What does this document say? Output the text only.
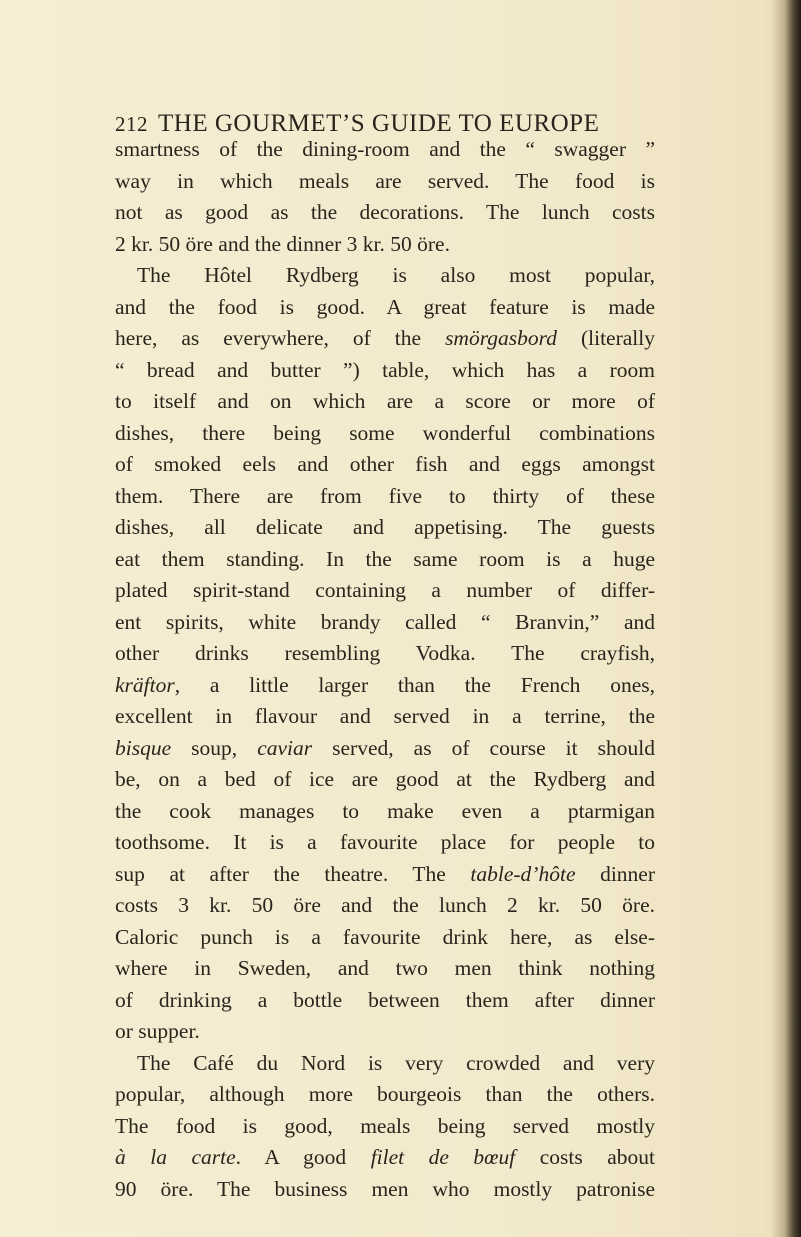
212 THE GOURMET’S GUIDE TO EUROPE
smartness of the dining-room and the “ swagger ”
way in which meals are served. The food is
not as good as the decorations. The lunch costs
2 kr. 50 öre and the dinner 3 kr. 50 öre.
The Hôtel Rydberg is also most popular,
and the food is good. A great feature is made
here, as everywhere, of the smörgasbord (literally
“ bread and butter ”) table, which has a room
to itself and on which are a score or more of
dishes, there being some wonderful combinations
of smoked eels and other fish and eggs amongst
them. There are from five to thirty of these
dishes, all delicate and appetising. The guests
eat them standing. In the same room is a huge
plated spirit-stand containing a number of differ-
ent spirits, white brandy called “ Branvin,” and
other drinks resembling Vodka. The crayfish,
kräftor, a little larger than the French ones,
excellent in flavour and served in a terrine, the
bisque soup, caviar served, as of course it should
be, on a bed of ice are good at the Rydberg and
the cook manages to make even a ptarmigan
toothsome. It is a favourite place for people to
sup at after the theatre. The table-d’hôte dinner
costs 3 kr. 50 öre and the lunch 2 kr. 50 öre.
Caloric punch is a favourite drink here, as else-
where in Sweden, and two men think nothing
of drinking a bottle between them after dinner
or supper.
The Café du Nord is very crowded and very
popular, although more bourgeois than the others.
The food is good, meals being served mostly
à la carte. A good filet de bœuf costs about
90 öre. The business men who mostly patronise
